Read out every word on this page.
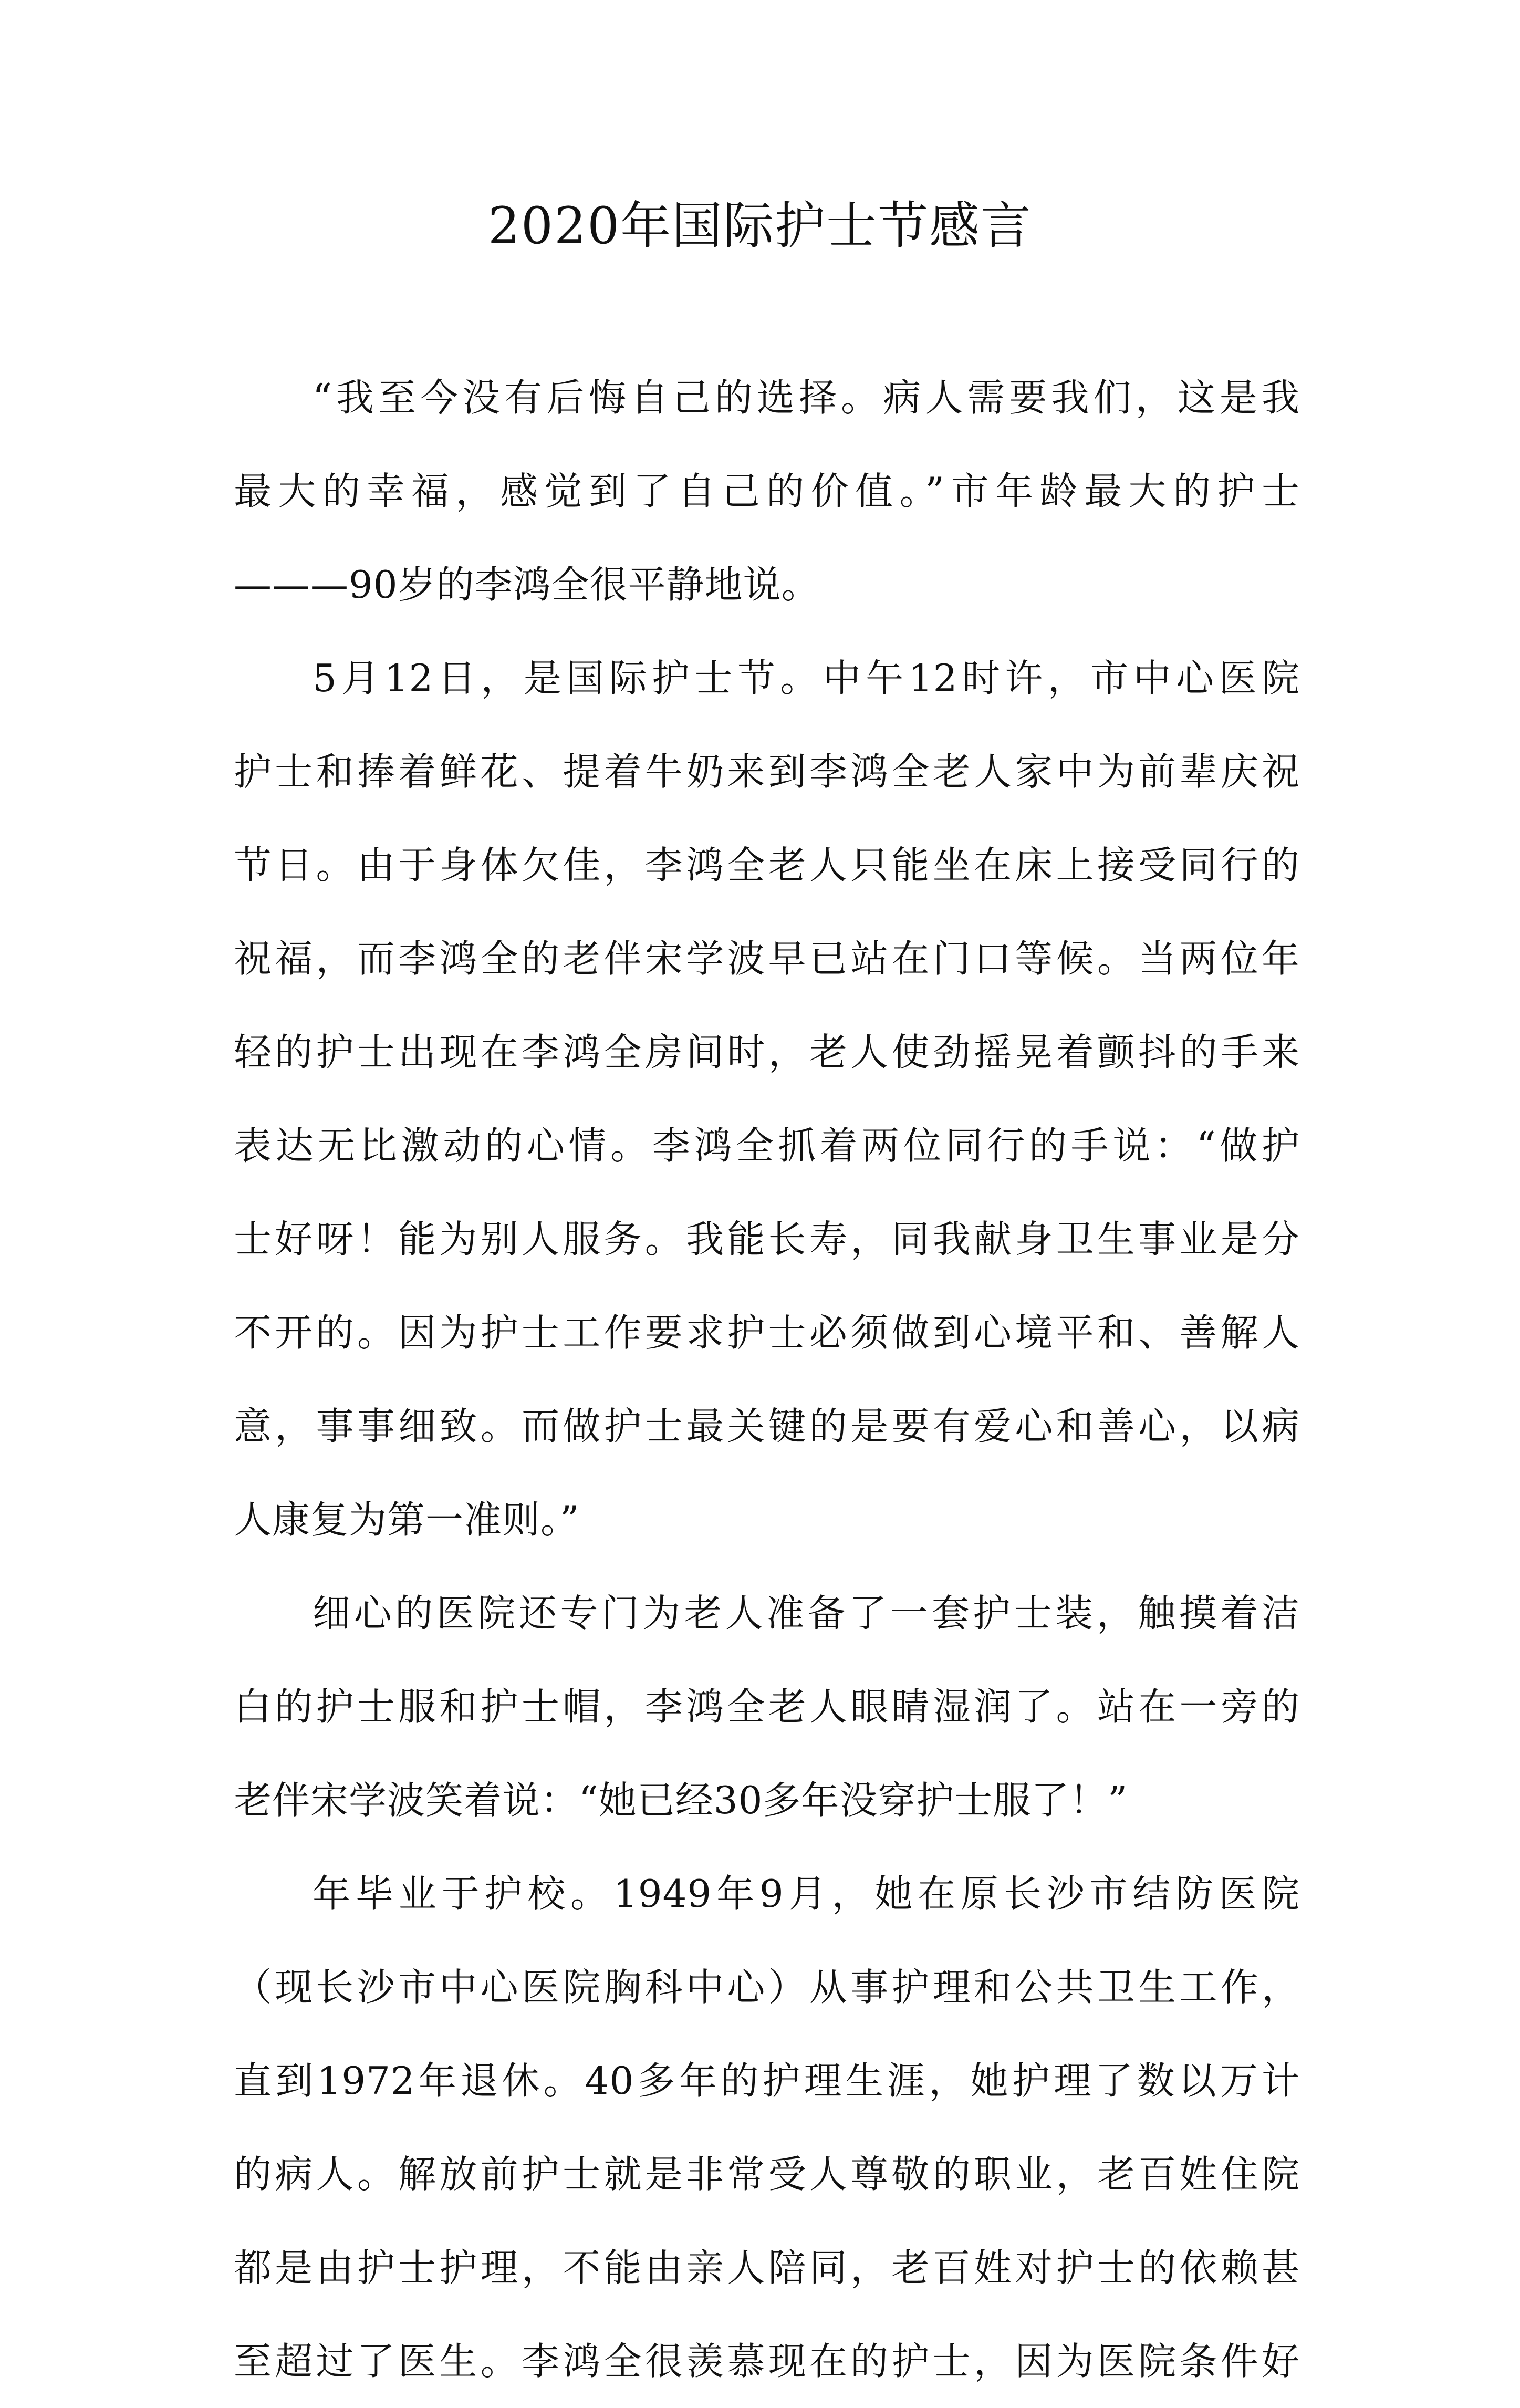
2020年国际护士节感言
“我至今没有后悔自己的选择。病人需要我们，这是我
最大的幸福，感觉到了自己的价值。”市年龄最大的护士
———90岁的李鸿全很平静地说。
5月12日，是国际护士节。中午12时许，市中心医院
护士和捧着鲜花、提着牛奶来到李鸿全老人家中为前辈庆祝
节日。由于身体欠佳，李鸿全老人只能坐在床上接受同行的
祝福，而李鸿全的老伴宋学波早已站在门口等候。当两位年
轻的护士出现在李鸿全房间时，老人使劲摇晃着颤抖的手来
表达无比激动的心情。李鸿全抓着两位同行的手说：“做护
士好呀！能为别人服务。我能长寿，同我献身卫生事业是分
不开的。因为护士工作要求护士必须做到心境平和、善解人
意，事事细致。而做护士最关键的是要有爱心和善心，以病
人康复为第一准则。”
细心的医院还专门为老人准备了一套护士装，触摸着洁
白的护士服和护士帽，李鸿全老人眼睛湿润了。站在一旁的
老伴宋学波笑着说：“她已经30多年没穿护士服了！”
年毕业于护校。1949年9月，她在原长沙市结防医院
（现长沙市中心医院胸科中心）从事护理和公共卫生工作，
直到1972年退休。40多年的护理生涯，她护理了数以万计
的病人。解放前护士就是非常受人尊敬的职业，老百姓住院
都是由护士护理，不能由亲人陪同，老百姓对护士的依赖甚
至超过了医生。李鸿全很羡慕现在的护士，因为医院条件好
